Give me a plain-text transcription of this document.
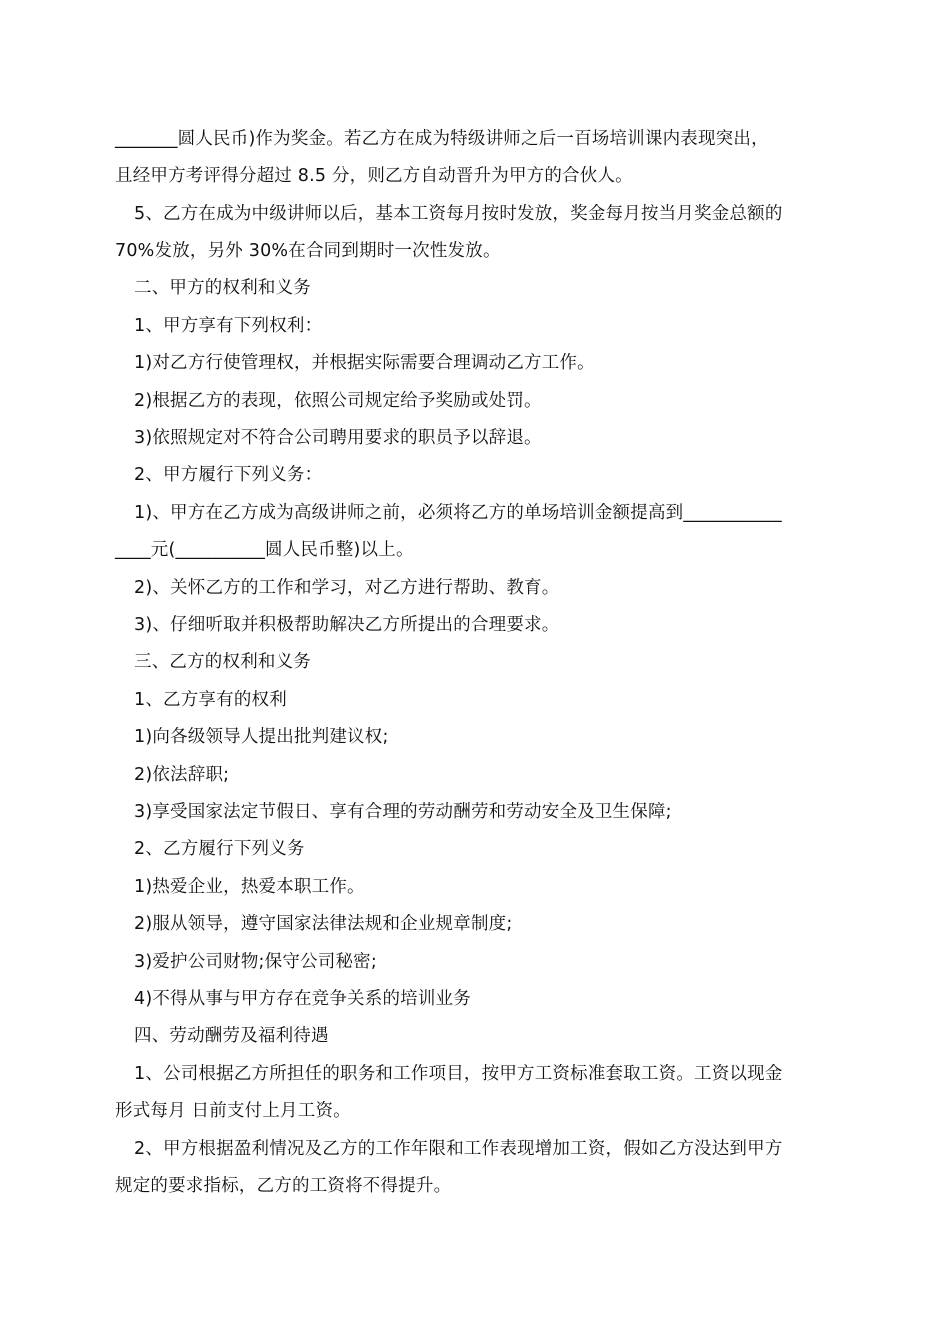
_______圆人民币)作为奖金。若乙方在成为特级讲师之后一百场培训课内表现突出，
且经甲方考评得分超过 8.5 分，则乙方自动晋升为甲方的合伙人。
5、乙方在成为中级讲师以后，基本工资每月按时发放，奖金每月按当月奖金总额的
70%发放，另外 30%在合同到期时一次性发放。
二、甲方的权利和义务
1、甲方享有下列权利：
1)对乙方行使管理权，并根据实际需要合理调动乙方工作。
2)根据乙方的表现，依照公司规定给予奖励或处罚。
3)依照规定对不符合公司聘用要求的职员予以辞退。
2、甲方履行下列义务：
1)、甲方在乙方成为高级讲师之前，必须将乙方的单场培训金额提高到___________
____元(__________圆人民币整)以上。
2)、关怀乙方的工作和学习，对乙方进行帮助、教育。
3)、仔细听取并积极帮助解决乙方所提出的合理要求。
三、乙方的权利和义务
1、乙方享有的权利
1)向各级领导人提出批判建议权;
2)依法辞职;
3)享受国家法定节假日、享有合理的劳动酬劳和劳动安全及卫生保障;
2、乙方履行下列义务
1)热爱企业，热爱本职工作。
2)服从领导，遵守国家法律法规和企业规章制度;
3)爱护公司财物;保守公司秘密;
4)不得从事与甲方存在竞争关系的培训业务
四、劳动酬劳及福利待遇
1、公司根据乙方所担任的职务和工作项目，按甲方工资标准套取工资。工资以现金
形式每月 日前支付上月工资。
2、甲方根据盈利情况及乙方的工作年限和工作表现增加工资，假如乙方没达到甲方
规定的要求指标，乙方的工资将不得提升。
